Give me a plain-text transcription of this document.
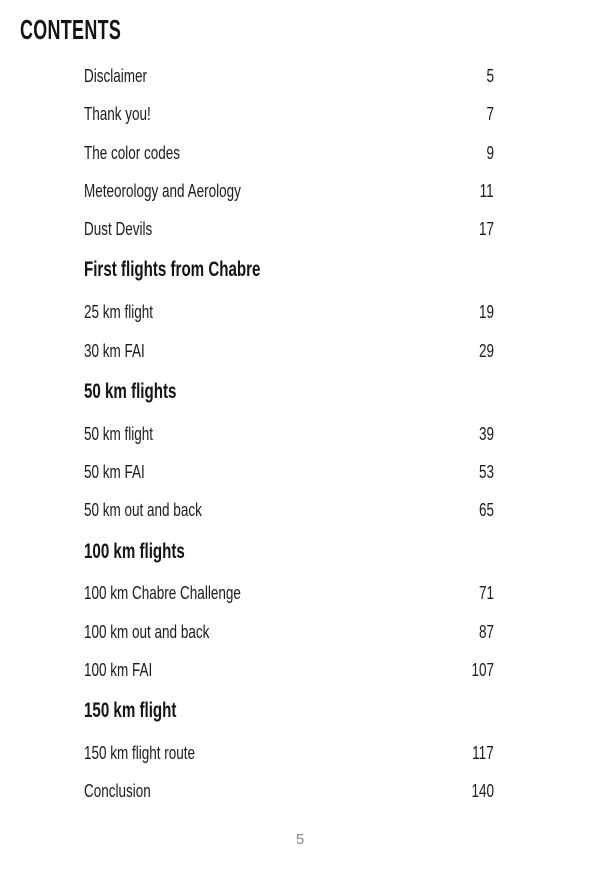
CONTENTS
Disclaimer	5
Thank you!	7
The color codes	9
Meteorology and Aerology	11
Dust Devils	17
First flights from Chabre
25 km flight	19
30 km FAI	29
50 km flights
50 km flight	39
50 km FAI	53
50 km out and back	65
100 km flights
100 km Chabre Challenge	71
100 km out and back	87
100 km FAI	107
150 km flight
150 km flight route	117
Conclusion	140
5
